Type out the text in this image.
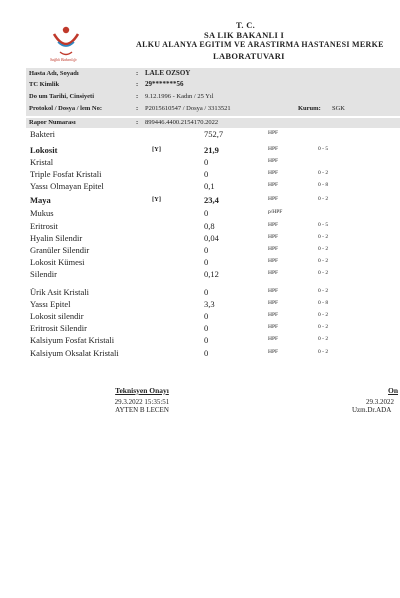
Sağlık Bakanlığı
T. C.
SA LIK BAKANLI I
ALKU ALANYA EGITIM VE ARASTIRMA HASTANESI MERKE
LABORATUVARI
Hasta Adı, Soyadı	: LALE OZSOY
TC Kimlik	: 29*******56
Do um Tarihi, Cinsiyeti	: 9.12.1996 - Kadın / 25 Yıl
Protokol / Dosya / lem No:	: P2015610547 / Dosya / 3313521	Kurum: SGK
Rapor Numarası	: 899446.4400.2154170.2022
Bakteri	752,7	HPF
Lokosit	[Y]	21,9	HPF	0 - 5
Kristal	0	HPF
Triple Fosfat Kristali	0	HPF	0 - 2
Yassı Olmayan Epitel	0,1	HPF	0 - 8
Maya	[Y]	23,4	HPF	0 - 2
Mukus	0	p/HPF
Eritrosit	0,8	HPF	0 - 5
Hyalin Silendir	0,04	HPF	0 - 2
Granüler Silendir	0	HPF	0 - 2
Lokosit Kümesi	0	HPF	0 - 2
Silendir	0,12	HPF	0 - 2
Ürik Asit Kristali	0	HPF	0 - 2
Yassı Epitel	3,3	HPF	0 - 8
Lokosit silendir	0	HPF	0 - 2
Eritrosit Silendir	0	HPF	0 - 2
Kalsiyum Fosfat Kristali	0	HPF	0 - 2
Kalsiyum Oksalat Kristali	0	HPF	0 - 2
Teknisyen Onayı
29.3.2022 15:35:51
AYTEN B LECEN
On
29.3.2022
Uzm.Dr.ADA
